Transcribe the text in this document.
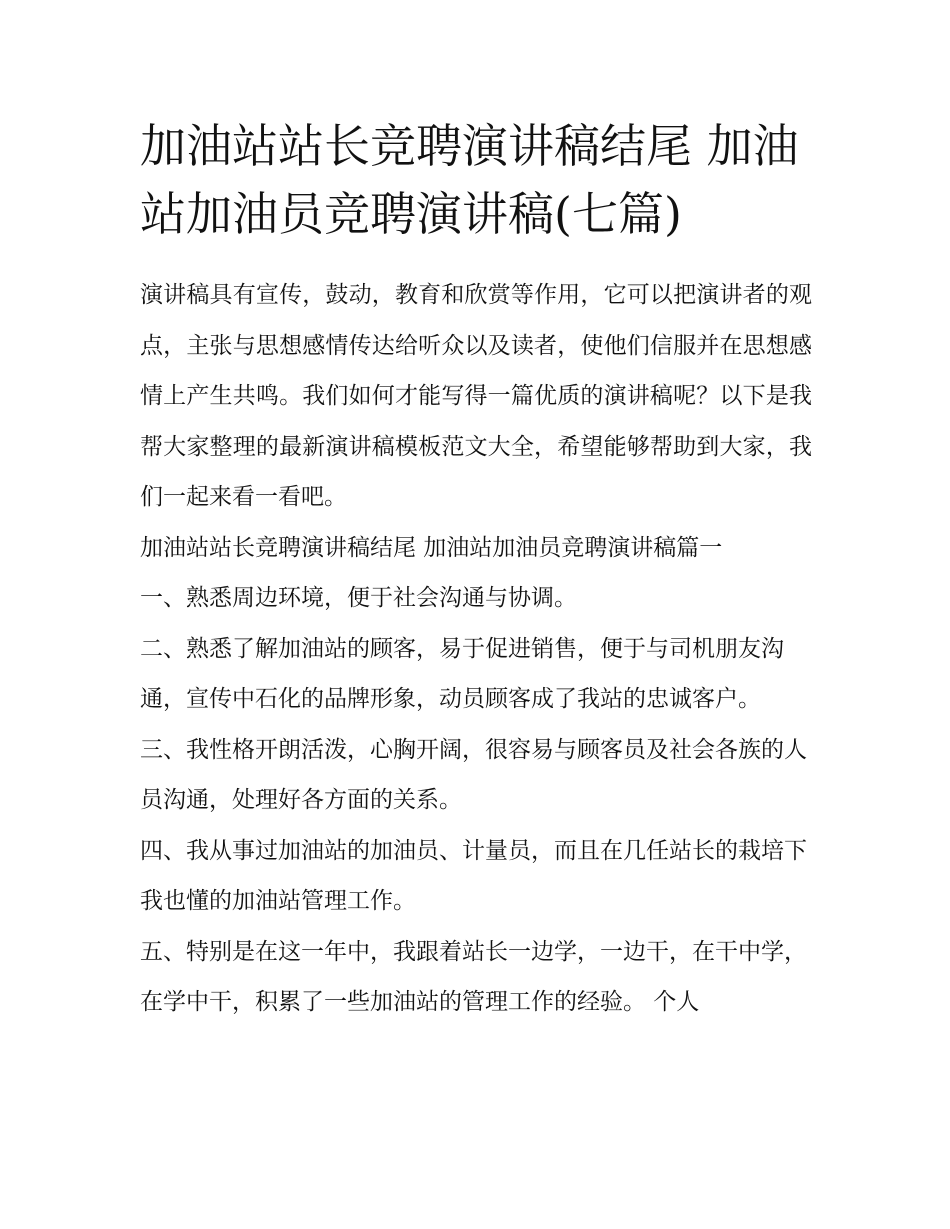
加油站站长竞聘演讲稿结尾 加油站加油员竞聘演讲稿(七篇)

演讲稿具有宣传，鼓动，教育和欣赏等作用，它可以把演讲者的观点，主张与思想感情传达给听众以及读者，使他们信服并在思想感情上产生共鸣。我们如何才能写得一篇优质的演讲稿呢？以下是我帮大家整理的最新演讲稿模板范文大全，希望能够帮助到大家，我们一起来看一看吧。

加油站站长竞聘演讲稿结尾 加油站加油员竞聘演讲稿篇一

一、熟悉周边环境，便于社会沟通与协调。

二、熟悉了解加油站的顾客，易于促进销售，便于与司机朋友沟通，宣传中石化的品牌形象，动员顾客成了我站的忠诚客户。

三、我性格开朗活泼，心胸开阔，很容易与顾客员及社会各族的人员沟通，处理好各方面的关系。

四、我从事过加油站的加油员、计量员，而且在几任站长的栽培下我也懂的加油站管理工作。

五、特别是在这一年中，我跟着站长一边学，一边干，在干中学，在学中干，积累了一些加油站的管理工作的经验。 个人
